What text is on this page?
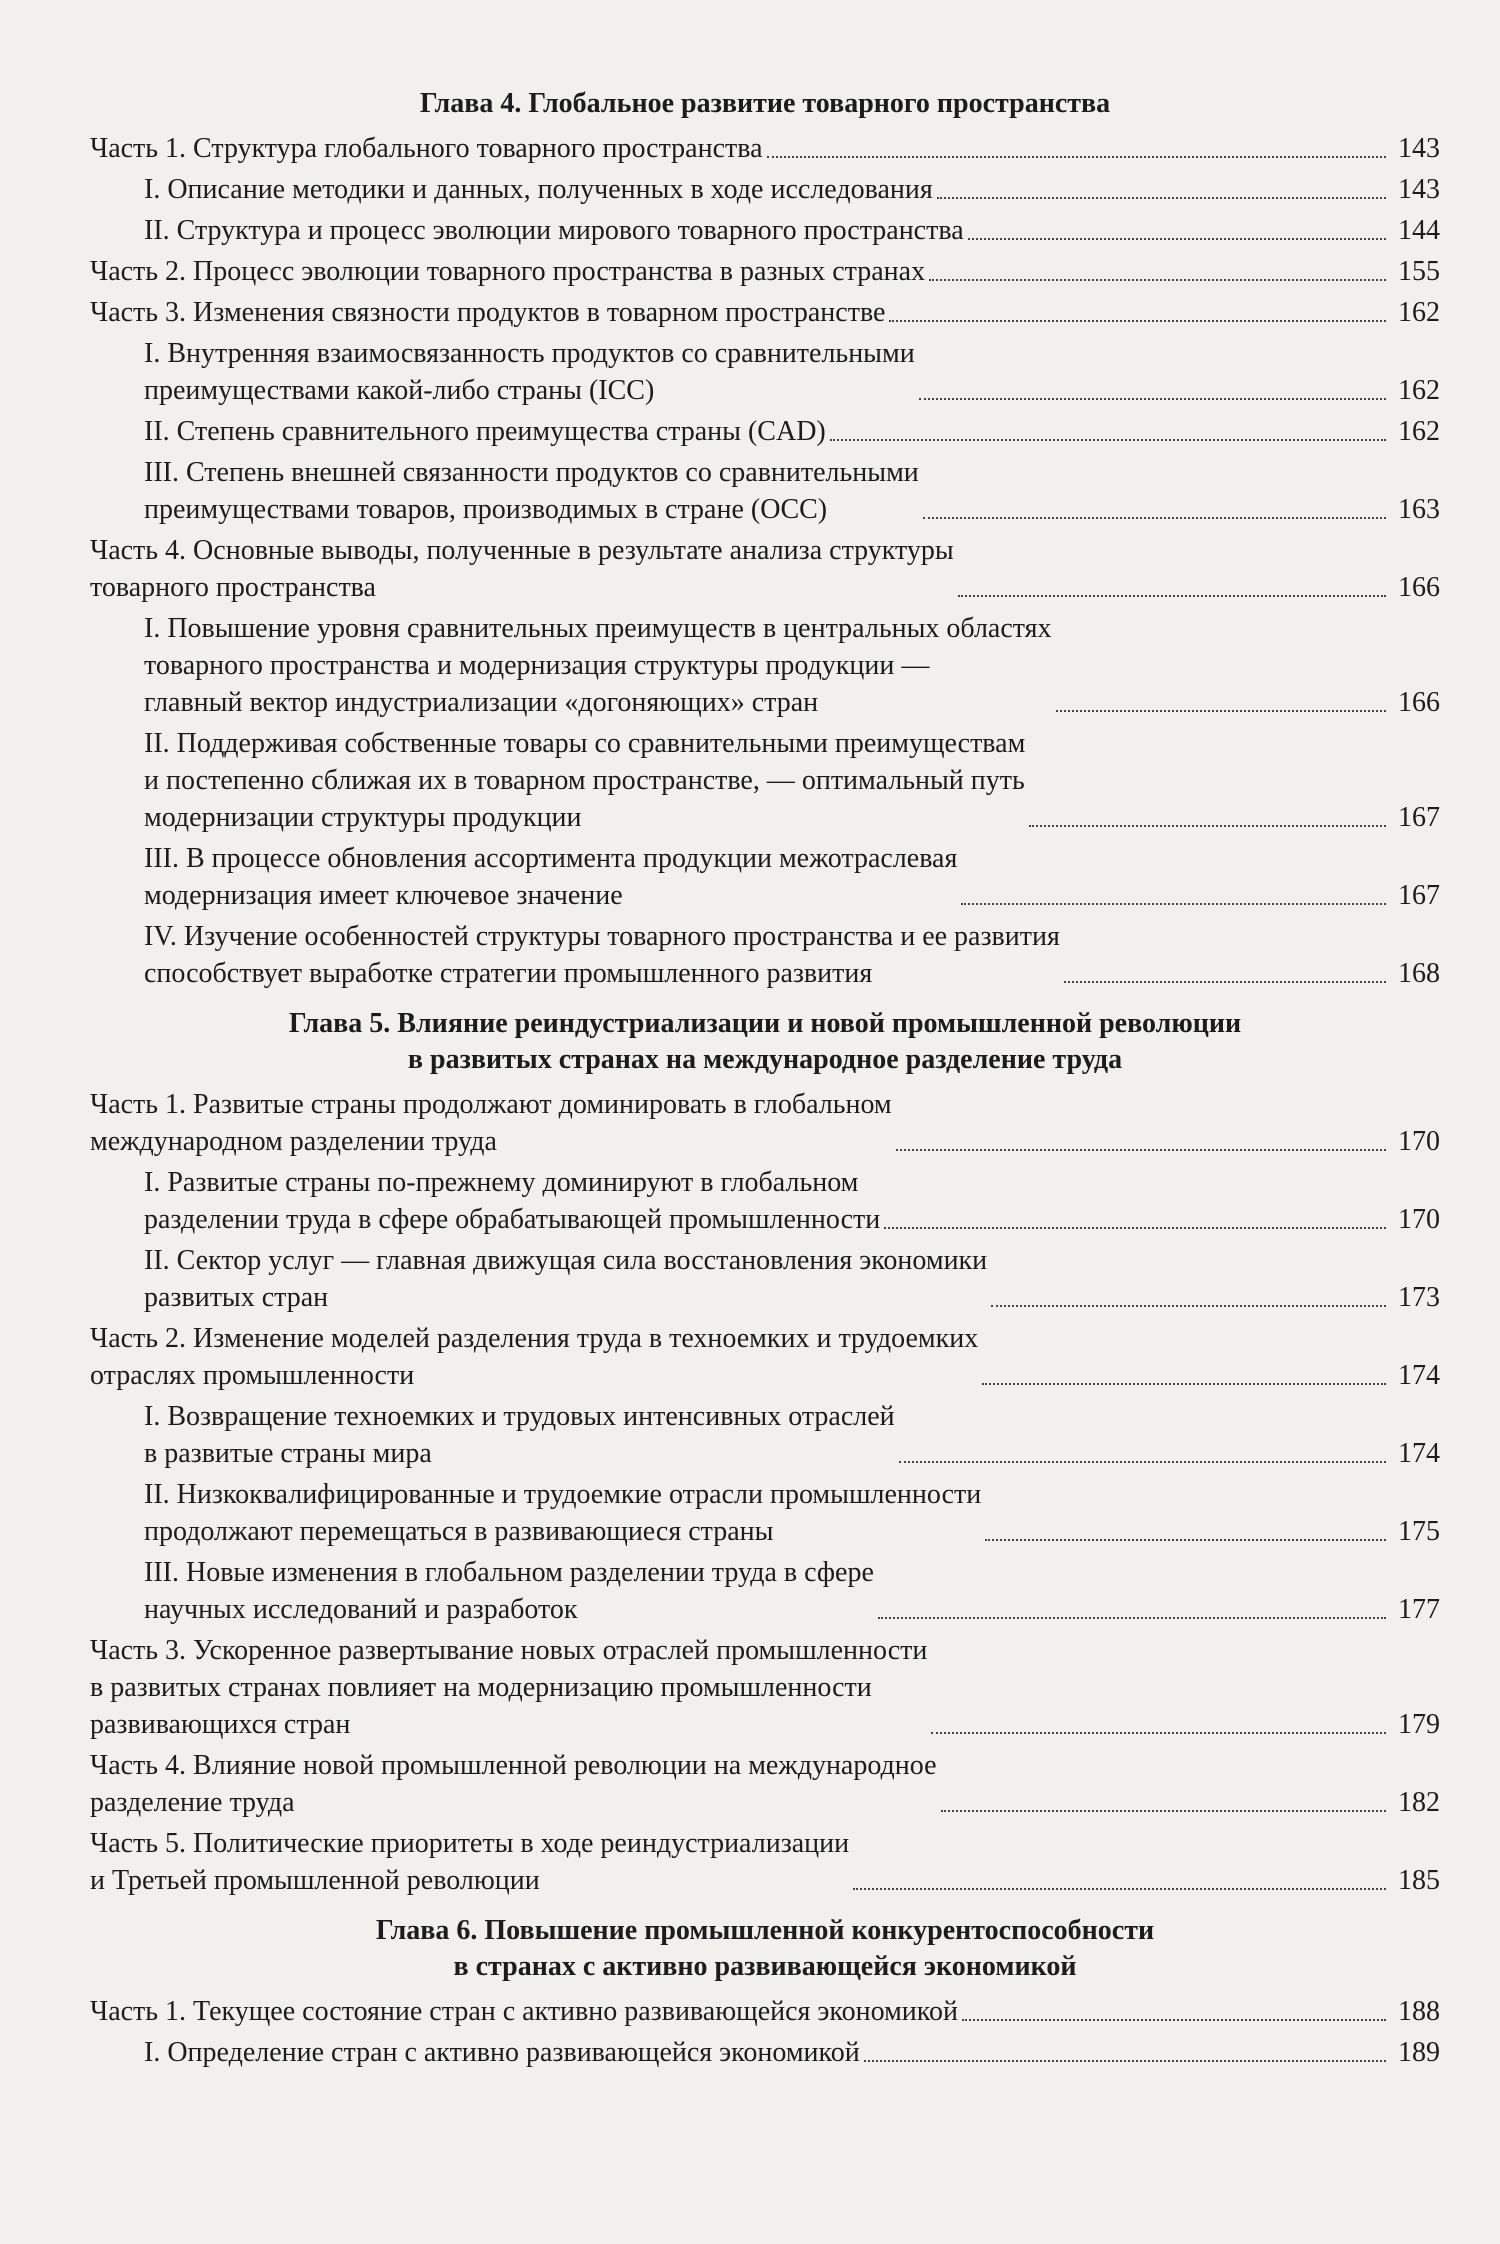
Глава 4. Глобальное развитие товарного пространства
Часть 1. Структура глобального товарного пространства	143
I. Описание методики и данных, полученных в ходе исследования	143
II. Структура и процесс эволюции мирового товарного пространства	144
Часть 2. Процесс эволюции товарного пространства в разных странах	155
Часть 3. Изменения связности продуктов в товарном пространстве	162
I. Внутренняя взаимосвязанность продуктов со сравнительными
преимуществами какой-либо страны (ICC)	162
II. Степень сравнительного преимущества страны (CAD)	162
III. Степень внешней связанности продуктов со сравнительными
преимуществами товаров, производимых в стране (OCC)	163
Часть 4. Основные выводы, полученные в результате анализа структуры
товарного пространства	166
I. Повышение уровня сравнительных преимуществ в центральных областях
товарного пространства и модернизация структуры продукции —
главный вектор индустриализации «догоняющих» стран	166
II. Поддерживая собственные товары со сравнительными преимуществам
и постепенно сближая их в товарном пространстве, — оптимальный путь
модернизации структуры продукции	167
III. В процессе обновления ассортимента продукции межотраслевая
модернизация имеет ключевое значение	167
IV. Изучение особенностей структуры товарного пространства и ее развития
способствует выработке стратегии промышленного развития	168
Глава 5. Влияние реиндустриализации и новой промышленной революции
в развитых странах на международное разделение труда
Часть 1. Развитые страны продолжают доминировать в глобальном
международном разделении труда	170
I. Развитые страны по-прежнему доминируют в глобальном
разделении труда в сфере обрабатывающей промышленности	170
II. Сектор услуг — главная движущая сила восстановления экономики
развитых стран	173
Часть 2. Изменение моделей разделения труда в техноемких и трудоемких
отраслях промышленности	174
I. Возвращение техноемких и трудовых интенсивных отраслей
в развитые страны мира	174
II. Низкоквалифицированные и трудоемкие отрасли промышленности
продолжают перемещаться в развивающиеся страны	175
III. Новые изменения в глобальном разделении труда в сфере
научных исследований и разработок	177
Часть 3. Ускоренное развертывание новых отраслей промышленности
в развитых странах повлияет на модернизацию промышленности
развивающихся стран	179
Часть 4. Влияние новой промышленной революции на международное
разделение труда	182
Часть 5. Политические приоритеты в ходе реиндустриализации
и Третьей промышленной революции	185
Глава 6. Повышение промышленной конкурентоспособности
в странах с активно развивающейся экономикой
Часть 1. Текущее состояние стран с активно развивающейся экономикой	188
I. Определение стран с активно развивающейся экономикой	189
